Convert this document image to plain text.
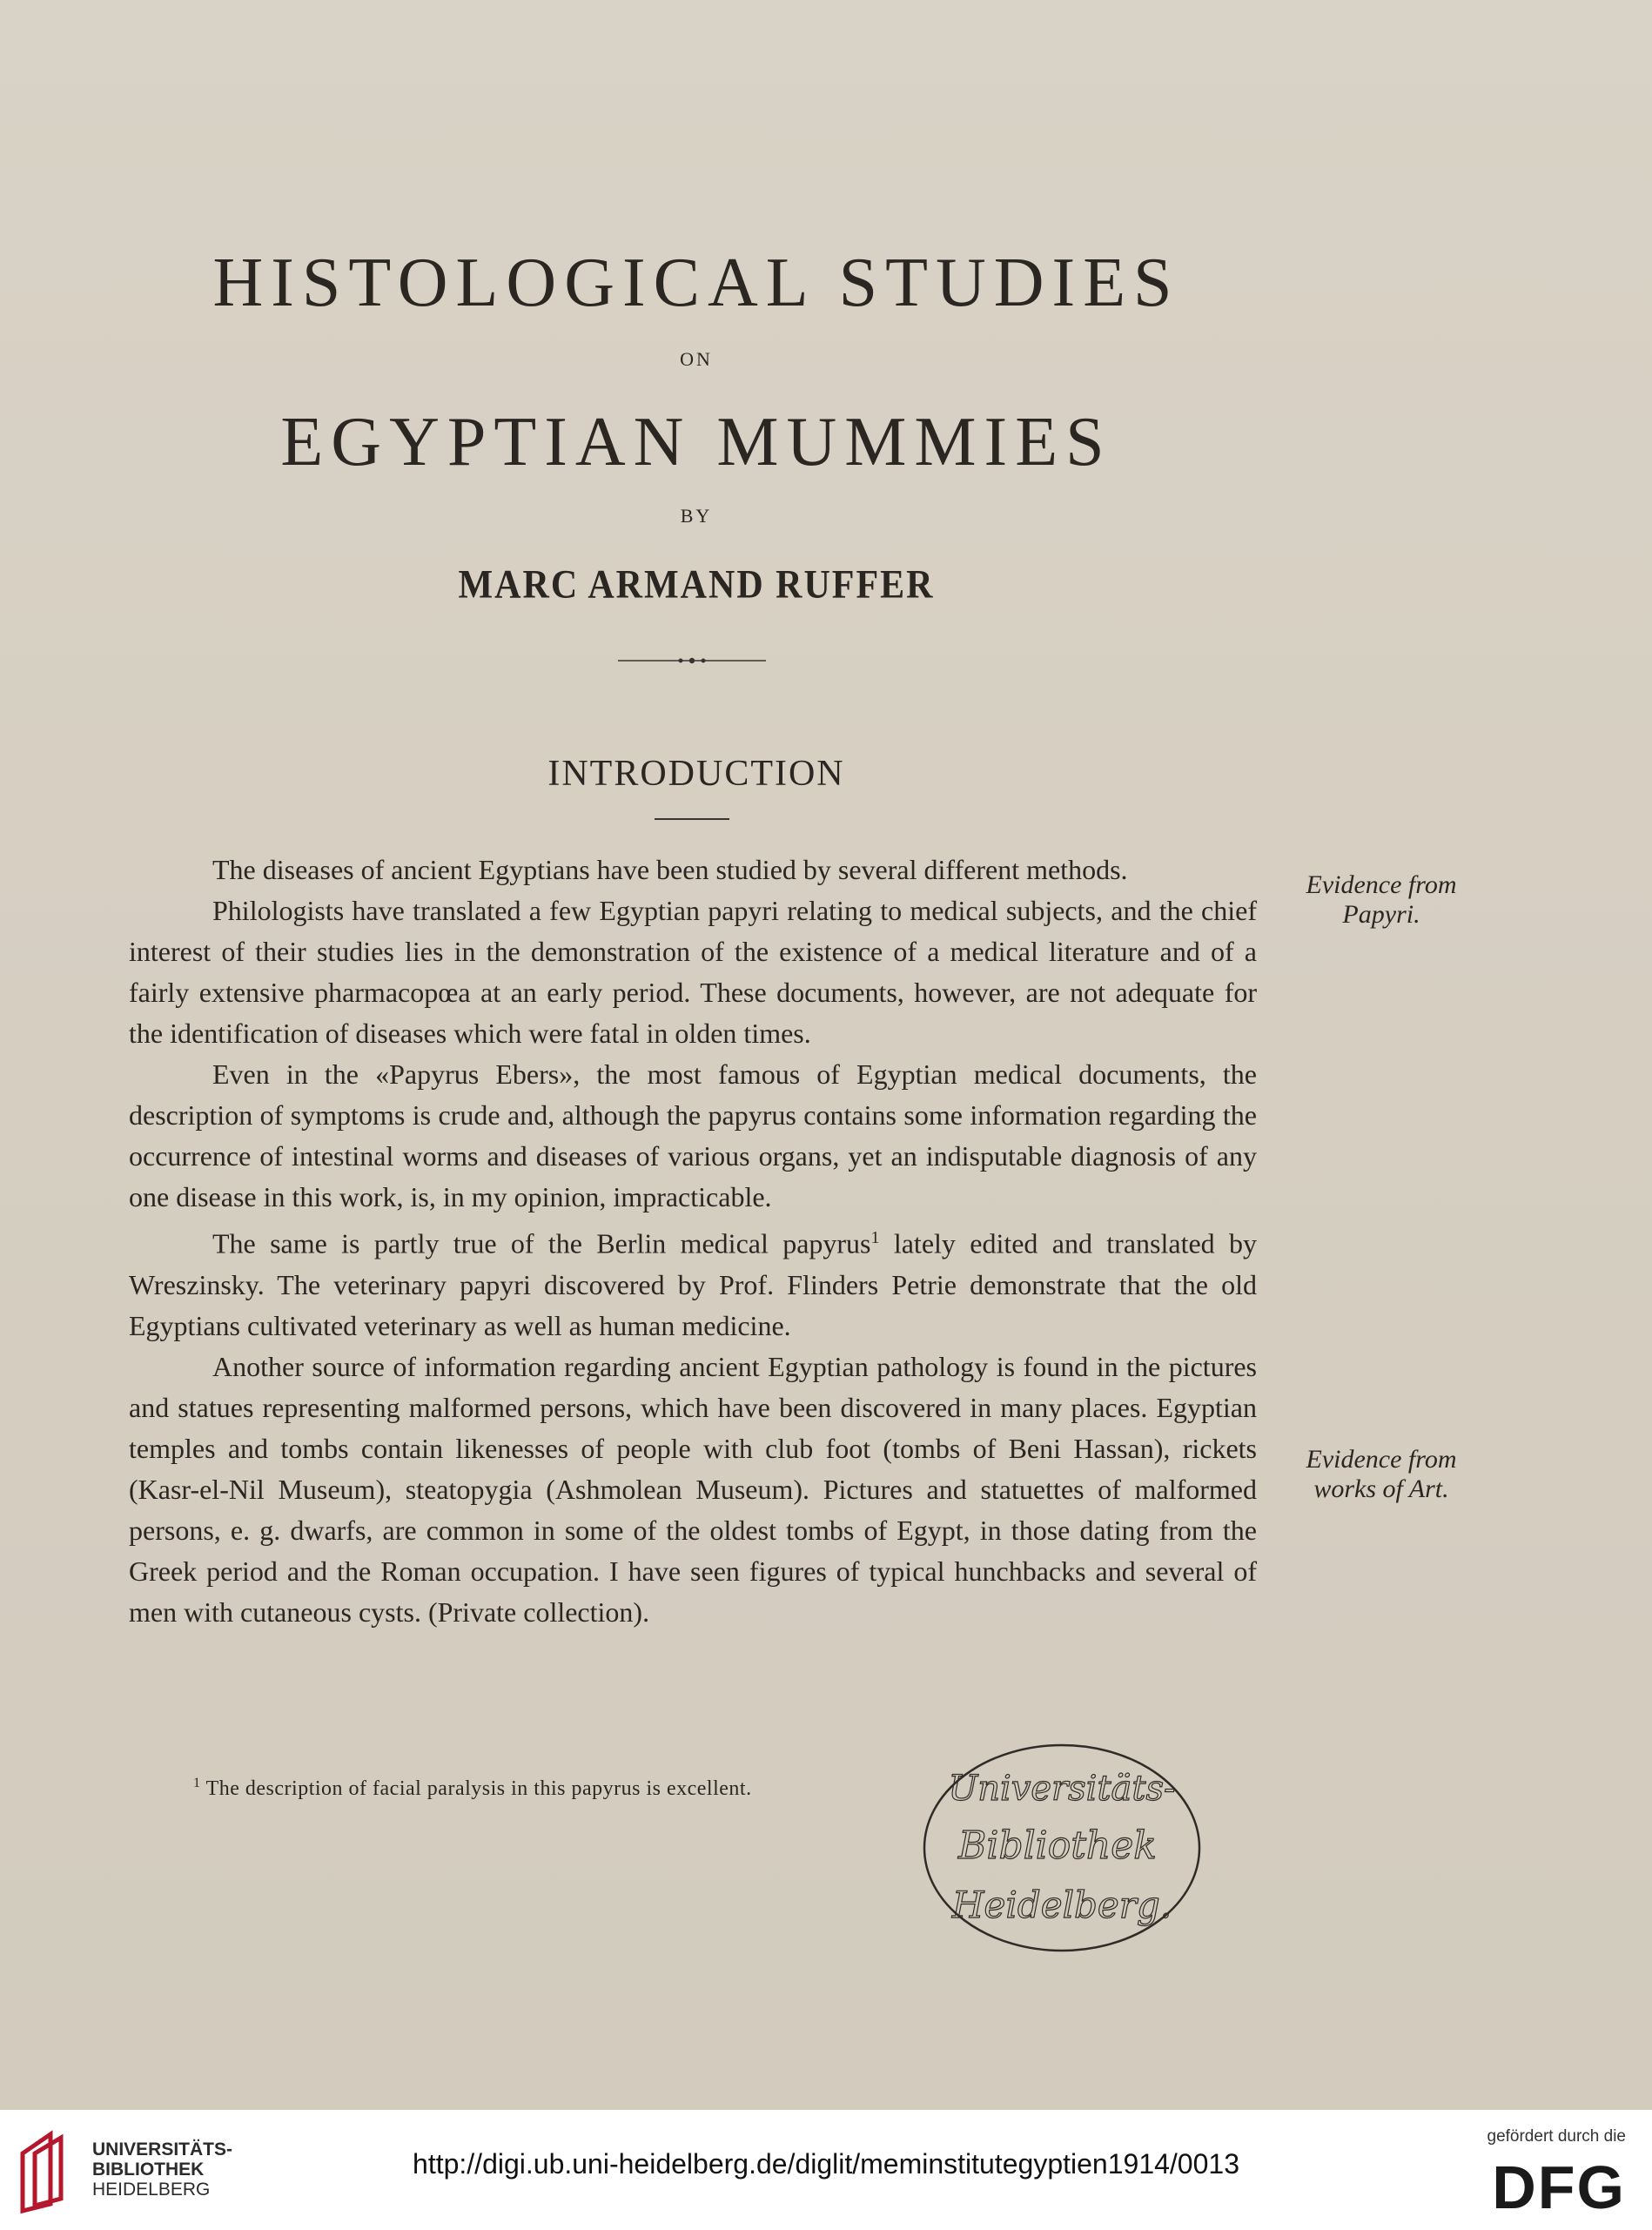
HISTOLOGICAL STUDIES
ON
EGYPTIAN MUMMIES
BY
MARC ARMAND RUFFER
INTRODUCTION

The diseases of ancient Egyptians have been studied by several different methods.

Philologists have translated a few Egyptian papyri relating to medical subjects, and the chief interest of their studies lies in the demonstration of the existence of a medical literature and of a fairly extensive pharmacopœa at an early period. These documents, however, are not adequate for the identification of diseases which were fatal in olden times.

Even in the «Papyrus Ebers», the most famous of Egyptian medical documents, the description of symptoms is crude and, although the papyrus contains some information regarding the occurrence of intestinal worms and diseases of various organs, yet an indisputable diagnosis of any one disease in this work, is, in my opinion, impracticable.

The same is partly true of the Berlin medical papyrus$^1$ lately edited and translated by Wreszinsky. The veterinary papyri discovered by Prof. Flinders Petrie demonstrate that the old Egyptians cultivated veterinary as well as human medicine.

Another source of information regarding ancient Egyptian pathology is found in the pictures and statues representing malformed persons, which have been discovered in many places. Egyptian temples and tombs contain likenesses of people with club foot (tombs of Beni Hassan), rickets (Kasr-el-Nil Museum), steatopygia (Ashmolean Museum). Pictures and statuettes of malformed persons, e. g. dwarfs, are common in some of the oldest tombs of Egypt, in those dating from the Greek period and the Roman occupation. I have seen figures of typical hunchbacks and several of men with cutaneous cysts. (Private collection).

Evidence from
Papyri.
Evidence from
works of Art.
$^1$ The description of facial paralysis in this papyrus is excellent.	Universitäts-
Bibliothek
Heidelberg.
UNIVERSITÄTS-
BIBLIOTHEK
HEIDELBERG
http://digi.ub.uni-heidelberg.de/diglit/meminstitutegyptien1914/0013
gefördert durch die
DFG
